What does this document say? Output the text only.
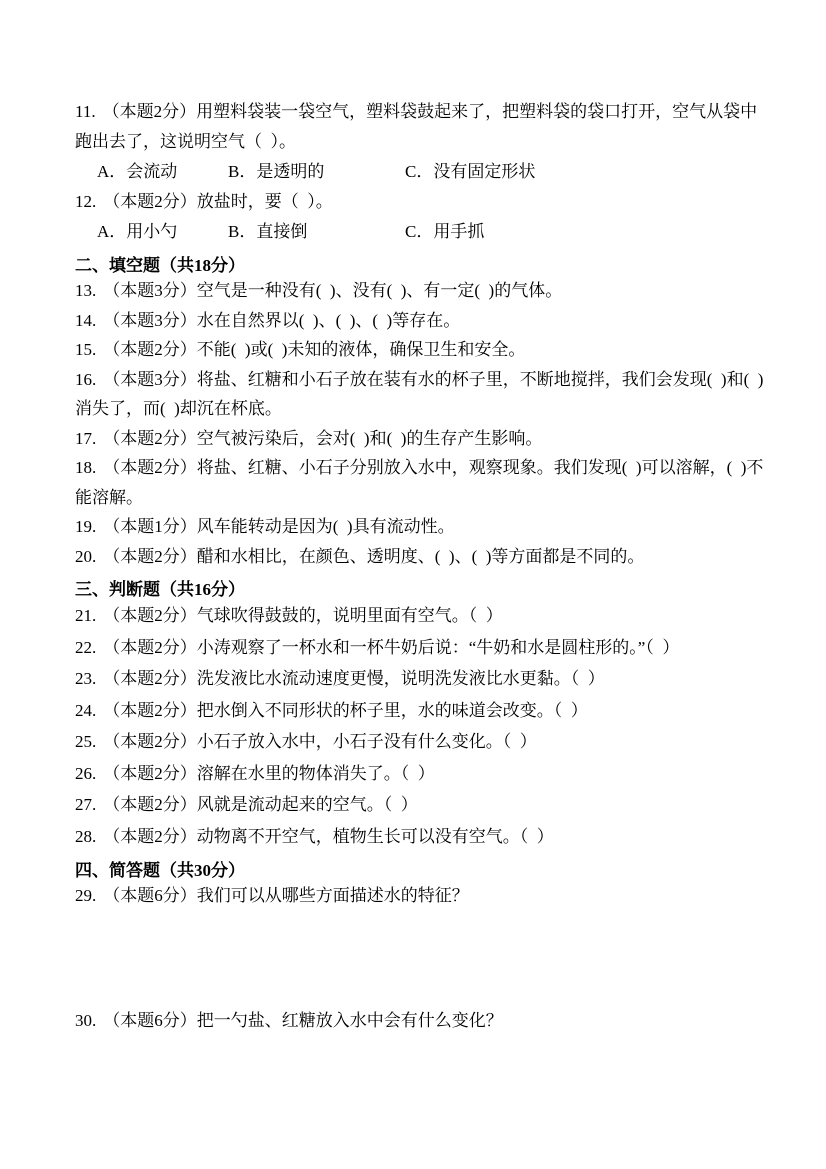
11. （本题2分）用塑料袋装一袋空气，塑料袋鼓起来了，把塑料袋的袋口打开，空气从袋中跑出去了，这说明空气（  ）。
A．会流动	B．是透明的	C．没有固定形状
12. （本题2分）放盐时，要（  ）。
A．用小勺	B．直接倒	C．用手抓
二、填空题（共18分）
13. （本题3分）空气是一种没有(  )、没有(  )、有一定(  )的气体。
14. （本题3分）水在自然界以(  )、(  )、(  )等存在。
15. （本题2分）不能(  )或(  )未知的液体，确保卫生和安全。
16. （本题3分）将盐、红糖和小石子放在装有水的杯子里，不断地搅拌，我们会发现(  )和(  )消失了，而(  )却沉在杯底。
17. （本题2分）空气被污染后，会对(  )和(  )的生存产生影响。
18. （本题2分）将盐、红糖、小石子分别放入水中，观察现象。我们发现(  )可以溶解，(  )不能溶解。
19. （本题1分）风车能转动是因为(  )具有流动性。
20. （本题2分）醋和水相比，在颜色、透明度、(  )、(  )等方面都是不同的。
三、判断题（共16分）
21. （本题2分）气球吹得鼓鼓的，说明里面有空气。（  ）
22. （本题2分）小涛观察了一杯水和一杯牛奶后说：“牛奶和水是圆柱形的。”（  ）
23. （本题2分）洗发液比水流动速度更慢，说明洗发液比水更黏。（  ）
24. （本题2分）把水倒入不同形状的杯子里，水的味道会改变。（  ）
25. （本题2分）小石子放入水中，小石子没有什么变化。（  ）
26. （本题2分）溶解在水里的物体消失了。（  ）
27. （本题2分）风就是流动起来的空气。（  ）
28. （本题2分）动物离不开空气，植物生长可以没有空气。（  ）
四、简答题（共30分）
29. （本题6分）我们可以从哪些方面描述水的特征？
30. （本题6分）把一勺盐、红糖放入水中会有什么变化？
